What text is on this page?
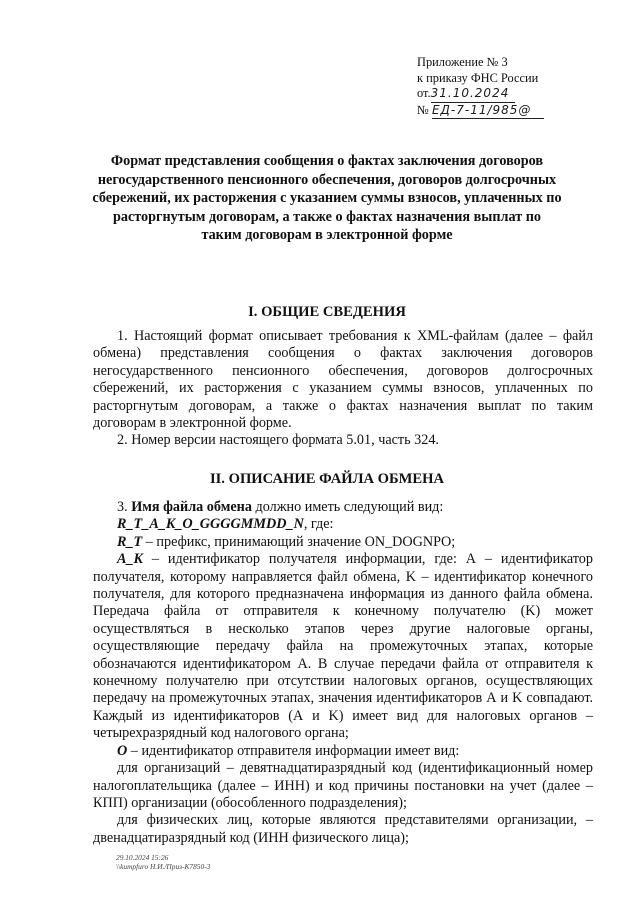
Приложение № 3
к приказу ФНС России
от.31.10.2024
№ ЕД-7-11/985@
Формат представления сообщения о фактах заключения договоров негосударственного пенсионного обеспечения, договоров долгосрочных сбережений, их расторжения с указанием суммы взносов, уплаченных по расторгнутым договорам, а также о фактах назначения выплат по таким договорам в электронной форме
I. ОБЩИЕ СВЕДЕНИЯ

1. Настоящий формат описывает требования к XML-файлам (далее – файл обмена) представления сообщения о фактах заключения договоров негосударственного пенсионного обеспечения, договоров долгосрочных сбережений, их расторжения с указанием суммы взносов, уплаченных по расторгнутым договорам, а также о фактах назначения выплат по таким договорам в электронной форме.

2. Номер версии настоящего формата 5.01, часть 324.

II. ОПИСАНИЕ ФАЙЛА ОБМЕНА

3. Имя файла обмена должно иметь следующий вид:

R_T_A_K_O_GGGGMMDD_N, где:

R_T – префикс, принимающий значение ON_DOGNPO;

A_K – идентификатор получателя информации, где: А – идентификатор получателя, которому направляется файл обмена, K – идентификатор конечного получателя, для которого предназначена информация из данного файла обмена. Передача файла от отправителя к конечному получателю (K) может осуществляться в несколько этапов через другие налоговые органы, осуществляющие передачу файла на промежуточных этапах, которые обозначаются идентификатором А. В случае передачи файла от отправителя к конечному получателю при отсутствии налоговых органов, осуществляющих передачу на промежуточных этапах, значения идентификаторов А и K совпадают. Каждый из идентификаторов (А и K) имеет вид для налоговых органов – четырехразрядный код налогового органа;

O – идентификатор отправителя информации имеет вид:

для организаций – девятнадцатиразрядный код (идентификационный номер налогоплательщика (далее – ИНН) и код причины постановки на учет (далее – КПП) организации (обособленного подразделения);

для физических лиц, которые являются представителями организации, – двенадцатиразрядный код (ИНН физического лица);

29.10.2024 15:26
\\kumpfuro Н.И./Приз-К7850-3
